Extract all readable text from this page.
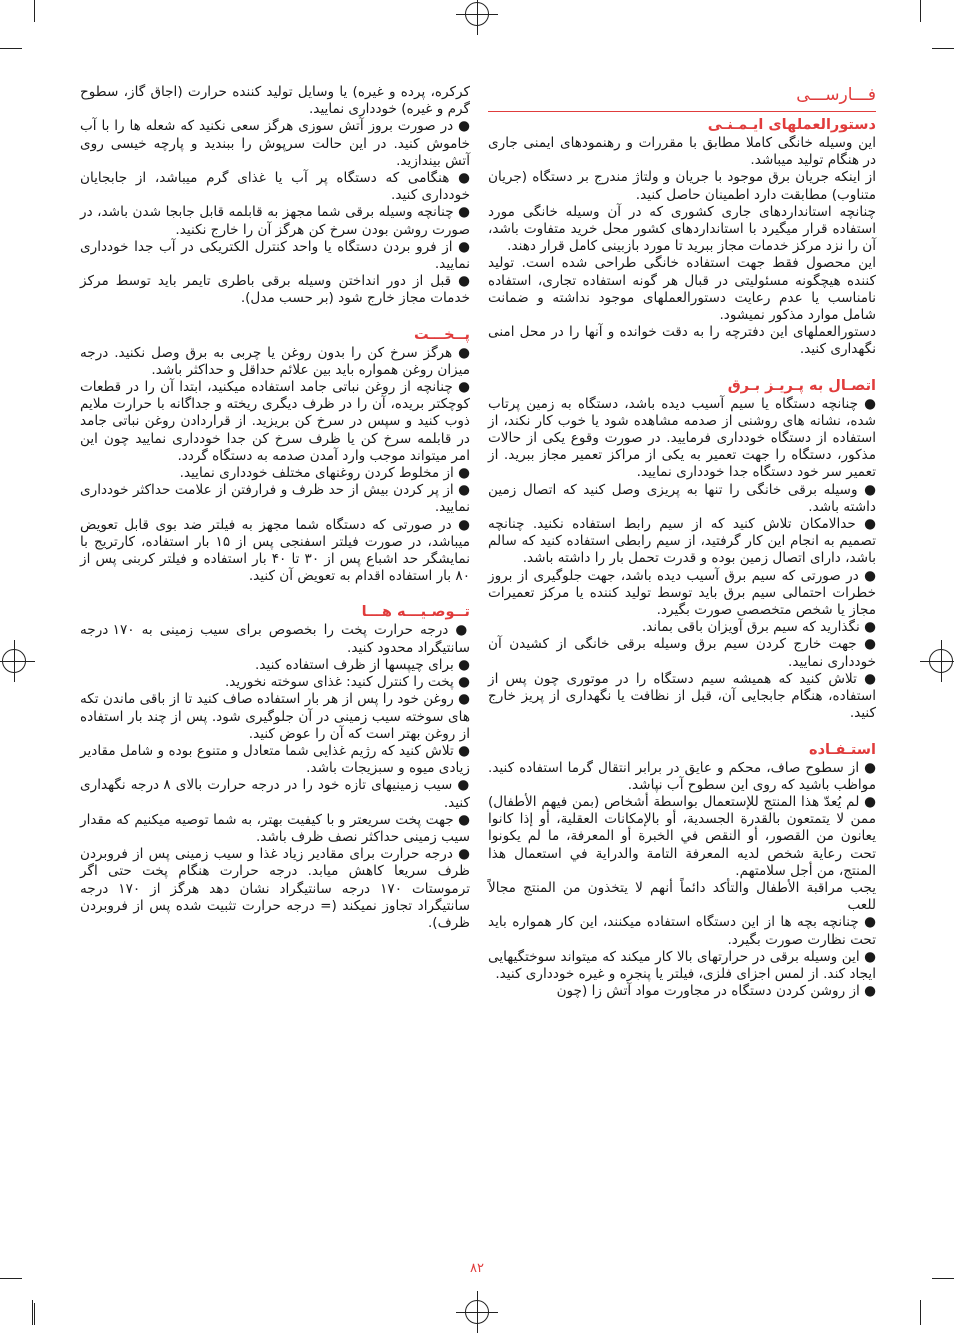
فـــارســـی
دستورالعملهای ایـمـنـی

این وسیله خانگی کاملا مطابق با مقررات و رهنمودهای ایمنی جاری در هنگام تولید میباشد.

از اینکه جریان برق موجود با جریان و ولتاژ مندرج بر دستگاه (جریان متناوب) مطابقت دارد اطمینان حاصل کنید.

چنانچه استانداردهای جاری کشوری که در آن وسیله خانگی مورد استفاده قرار میگیرد با استانداردهای کشور محل خرید متفاوت باشد، آن را نزد مرکز خدمات مجاز ببرید تا مورد بازبینی کامل قرار دهند.

این محصول فقط جهت استفاده خانگی طراحی شده است. تولید کننده هیچگونه مسئولیتی در قبال هر گونه استفاده تجاری، استفاده نامناسب یا عدم رعایت دستورالعملهای موجود نداشته و ضمانت شامل موارد مذکور نمیشود.

دستورالعملهای این دفترچه را به دقت خوانده و آنها را در محل امنی نگهداری کنید.

اتصـال به پـریـز بـرق

● چنانچه دستگاه یا سیم آسیب دیده باشد، دستگاه به زمین پرتاب شده، نشانه های روشنی از صدمه مشاهده شود یا خوب کار نکند، از استفاده از دستگاه خودداری فرمایید. در صورت وقوع یکی از حالات مذکور، دستگاه را جهت تعمیر به یکی از مراکز تعمیر مجاز ببرید. از تعمیر سر خود دستگاه جدا خودداری نمایید.

● وسیله برقی خانگی را تنها به پریزی وصل کنید که اتصال زمین داشته باشد.

● حدالامکان تلاش کنید که از سیم رابط استفاده نکنید. چنانچه تصمیم به انجام این کار گرفتید، از سیم رابطی استفاده کنید که سالم باشد، دارای اتصال زمین بوده و قدرت تحمل بار را داشته باشد.

● در صورتی که سیم برق آسیب دیده باشد، جهت جلوگیری از بروز خطرات احتمالی سیم برق باید توسط تولید کننده یا مرکز تعمیرات مجاز یا شخص متخصصی صورت بگیرد.

● نگذارید که سیم برق آویزان باقی بماند.

● جهت خارج کردن سیم برق وسیله برقی خانگی از کشیدن آن خودداری نمایید.

● تلاش کنید که همیشه سیم دستگاه را در موتوری چون پس از استفاده، هنگام جابجایی آن، قبل از نظافت یا نگهداری از پریز خارج کنید.

استـفـاده

● از سطوح صاف، محکم و عایق در برابر انتقال گرما استفاده کنید. مواظب باشید که روی این سطوح آب نپاشد.

● لم يُعدّ هذا المنتج للإستعمال بواسطة أشخاص (بمن فيهم الأطفال) ممن لا يتمتعون بالقدرة الجسدية، أو بالإمكانات العقلية، أو إذا كانوا يعانون من القصور، أو النقص في الخبرة أو المعرفة، ما لم يكونوا تحت رعاية شخص لديه المعرفة التامة والدراية في استعمال هذا المنتج، من أجل سلامتهم.

يجب مراقبة الأطفال والتأكد دائماً أنهم لا يتخذون من المنتج مجالاً للعب

● چنانچه بچه ها از این دستگاه استفاده میکنند، این کار همواره باید تحت نظارت صورت بگیرد.

● این وسیله برقی در حرارتهای بالا کار میکند که میتواند سوختگیهایی ایجاد کند. از لمس اجزای فلزی، فیلتر یا پنجره و غیره خودداری کنید.

● از روشن کردن دستگاه در مجاورت مواد آتش زا (چون

کرکره، پرده و غیره) یا وسایل تولید کننده حرارت (اجاق گاز، سطوح گرم و غیره) خودداری نمایید.

● در صورت بروز آتش سوزی هرگز سعی نکنید که شعله ها را با آب خاموش کنید. در این حالت سرپوش را ببندید و پارچه خیسی روی آتش بیندازید.

● هنگامی که دستگاه پر آب یا غذای گرم میباشد، از جابجایان خودداری کنید.

● چنانچه وسیله برقی شما مجهز به قابلمه قابل جابجا شدن باشد، در صورت روشن بودن سرخ کن هرگز آن را خارج نکنید.

● از فرو بردن دستگاه یا واحد کنترل الکتریکی در آب جدا خودداری نمایید.

● قبل از دور انداختن وسیله برقی باطری تایمر باید توسط مرکز خدمات مجاز خارج شود (بر حسب مدل).

پــخـــت

● هرگز سرخ کن را بدون روغن یا چربی به برق وصل نکنید. درجه میزان روغن همواره باید بین علائم حداقل و حداکثر باشد.

● چنانچه از روغن نباتی جامد استفاده میکنید، ابتدا آن را در قطعات کوچکتر بریده، آن را در ظرف دیگری ریخته و جداگانه با حرارت ملایم ذوب کنید و سپس در سرخ کن بریزید. از قراردادن روغن نباتی جامد در قابلمه سرخ کن یا ظرف سرخ کن جدا خودداری نمایید چون این امر میتواند موجب وارد آمدن صدمه به دستگاه گردد.

● از مخلوط کردن روغنهای مختلف خودداری نمایید.

● از پر کردن بیش از حد ظرف و فرارفتن از علامت حداکثر خودداری نمایید.

● در صورتی که دستگاه شما مجهز به فیلتر ضد بوی قابل تعویض میباشد، در صورت فیلتر اسفنجی پس از ۱۵ بار استفاده، کارتریج با نمایشگر حد اشباع پس از ۳۰ تا ۴۰ بار استفاده و فیلتر کربنی پس از ۸۰ بار استفاده اقدام به تعویض آن کنید.

تــوصـیـــه هـــا

● درجه حرارت پخت را بخصوص برای سیب زمینی به ۱۷۰ درجه سانتیگراد محدود کنید.

● برای چیپسها از ظرف استفاده کنید.

● پخت را کنترل کنید: غذای سوخته نخورید.

● روغن خود را پس از هر بار استفاده صاف کنید تا از باقی ماندن تکه های سوخته سیب زمینی در آن جلوگیری شود. پس از چند بار استفاده از روغن بهتر است که آن را عوض کنید.

● تلاش کنید که رژیم غذایی شما متعادل و متنوع بوده و شامل مقادیر زیادی میوه و سبزیجات باشد.

● سیب زمینیهای تازه خود را در درجه حرارت بالای ۸ درجه نگهداری کنید.

● جهت پخت سریعتر و با کیفیت بهتر، به شما توصیه میکنیم که مقدار سیب زمینی حداکثر نصف ظرف باشد.

● درجه حرارت برای مقادیر زیاد غذا و سیب زمینی پس از فروبردن ظرف سریعا کاهش میابد. درجه حرارت هنگام پخت حتی اگر ترموستات ۱۷۰ درجه سانتیگراد نشان دهد هرگز از ۱۷۰ درجه سانتیگراد تجاوز نمیکند (= درجه حرارت تثبیت شده پس از فروبردن ظرف).

۸۲
